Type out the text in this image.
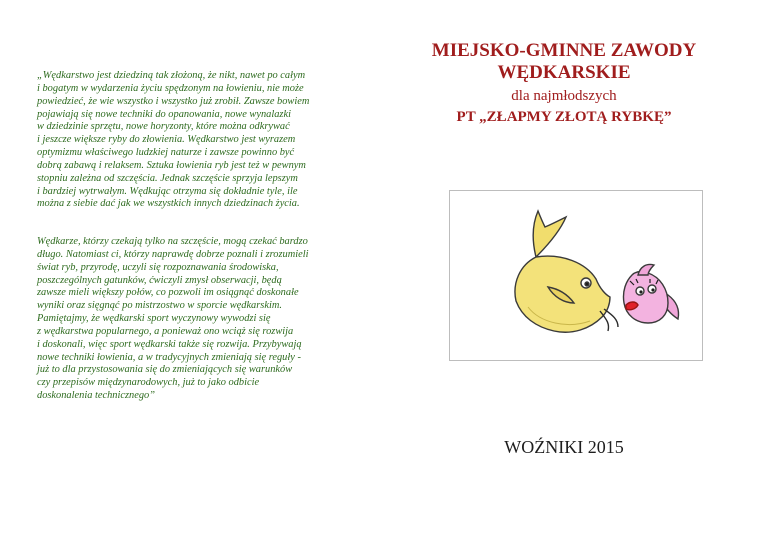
„Wędkarstwo jest dziedziną tak złożoną, że nikt, nawet po całym
i bogatym w wydarzenia życiu spędzonym na łowieniu, nie może
powiedzieć, że wie wszystko i wszystko już zrobił. Zawsze bowiem
pojawiają się nowe techniki do opanowania, nowe wynalazki
w dziedzinie sprzętu, nowe horyzonty, które można odkrywać
i jeszcze większe ryby do złowienia. Wędkarstwo jest wyrazem
optymizmu właściwego ludzkiej naturze i zawsze powinno być
dobrą zabawą i relaksem. Sztuka łowienia ryb jest też w pewnym
stopniu zależna od szczęścia. Jednak szczęście sprzyja lepszym
i bardziej wytrwałym. Wędkując otrzyma się dokładnie tyle, ile
można z siebie dać jak we wszystkich innych dziedzinach życia.
Wędkarze, którzy czekają tylko na szczęście, mogą czekać bardzo
długo. Natomiast ci, którzy naprawdę dobrze poznali i zrozumieli
świat ryb, przyrodę, uczyli się rozpoznawania środowiska,
poszczególnych gatunków, ćwiczyli zmysł obserwacji, będą
zawsze mieli większy połów, co pozwoli im osiągnąć doskonałe
wyniki oraz sięgnąć po mistrzostwo w sporcie wędkarskim.
Pamiętajmy, że wędkarski sport wyczynowy wywodzi się
z wędkarstwa popularnego, a ponieważ ono wciąż się rozwija
i doskonali, więc sport wędkarski także się rozwija. Przybywają
nowe techniki łowienia, a w tradycyjnych zmieniają się reguły -
już to dla przystosowania się do zmieniających się warunków
czy przepisów międzynarodowych, już to jako odbicie
doskonalenia technicznego”
MIEJSKO-GMINNE ZAWODY
WĘDKARSKIE
dla najmłodszych
PT „ZŁAPMY ZŁOTĄ RYBKĘ”
WOŹNIKI 2015
